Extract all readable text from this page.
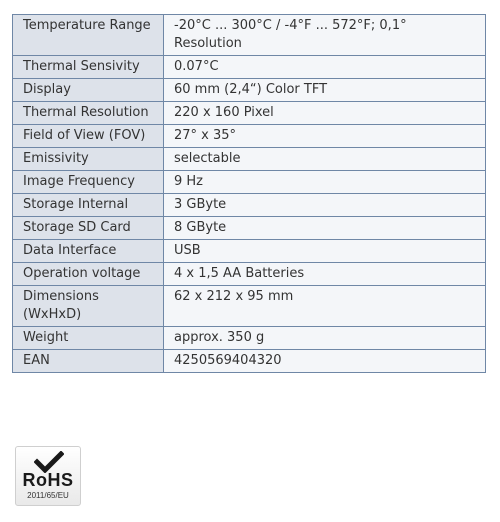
Temperature Range	-20°C ... 300°C / -4°F ... 572°F; 0,1° Resolution
Thermal Sensivity	0.07°C
Display	60 mm (2,4“) Color TFT
Thermal Resolution	220 x 160 Pixel
Field of View (FOV)	27° x 35°
Emissivity	selectable
Image Frequency	9 Hz
Storage Internal	3 GByte
Storage SD Card	8 GByte
Data Interface	USB
Operation voltage	4 x 1,5 AA Batteries
Dimensions (WxHxD)	62 x 212 x 95 mm
Weight	approx. 350 g
EAN	4250569404320
RoHS
2011/65/EU
